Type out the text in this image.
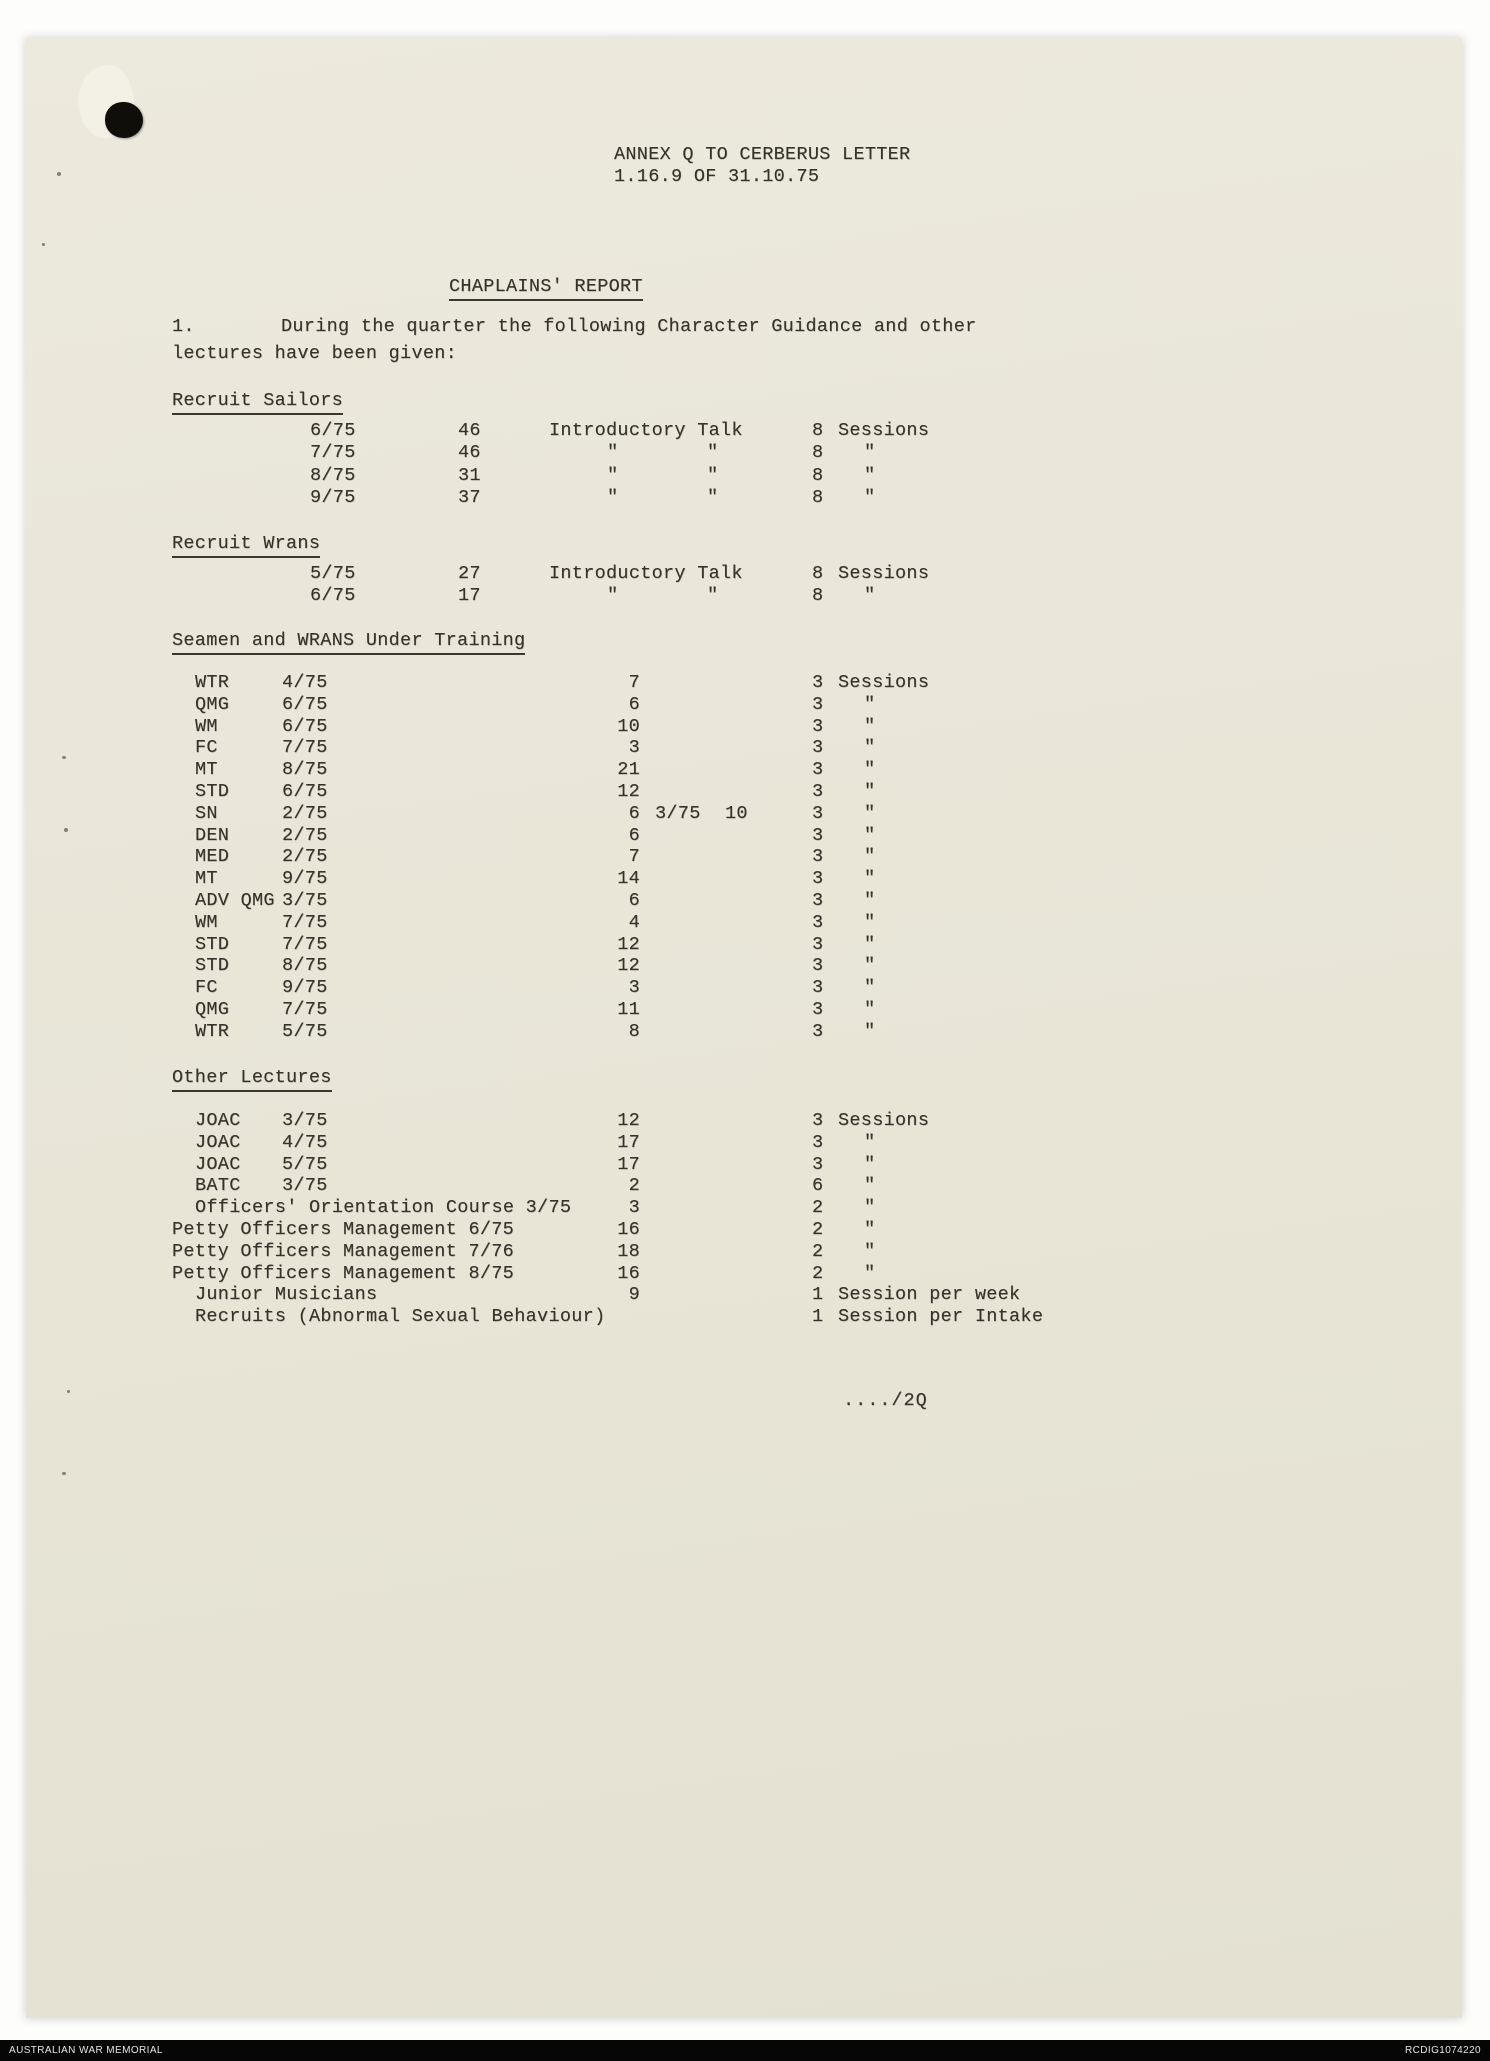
ANNEX Q TO CERBERUS LETTER
1.16.9 OF 31.10.75
CHAPLAINS' REPORT
1.	During the quarter the following Character Guidance and other
lectures have been given:
Recruit Sailors
6/75	46	Introductory Talk	8 Sessions
7/75	46	"	"	8 "
8/75	31	"	"	8 "
9/75	37	"	"	8 "
Recruit Wrans
5/75	27	Introductory Talk	8 Sessions
6/75	17	"	"	8 "
Seamen and WRANS Under Training
WTR	4/75	7	3 Sessions
QMG	6/75	6	3 "
WM	6/75	10	3 "
FC	7/75	3	3 "
MT	8/75	21	3 "
STD	6/75	12	3 "
SN	2/75	6 3/75 10	3 "
DEN	2/75	6	3 "
MED	2/75	7	3 "
MT	9/75	14	3 "
ADV QMG 3/75	6	3 "
WM	7/75	4	3 "
STD	7/75	12	3 "
STD	8/75	12	3 "
FC	9/75	3	3 "
QMG	7/75	11	3 "
WTR	5/75	8	3 "
Other Lectures
JOAC 3/75	12	3 Sessions
JOAC 4/75	17	3 "
JOAC 5/75	17	3 "
BATC 3/75	2	6 "
Officers' Orientation Course 3/75	3	2 "
Petty Officers Management 6/75	16	2 "
Petty Officers Management 7/76	18	2 "
Petty Officers Management 8/75	16	2 "
Junior Musicians	9	1 Session per week
Recruits (Abnormal Sexual Behaviour)	1 Session per Intake
..../2Q
AUSTRALIAN WAR MEMORIAL	RCDIG1074220
